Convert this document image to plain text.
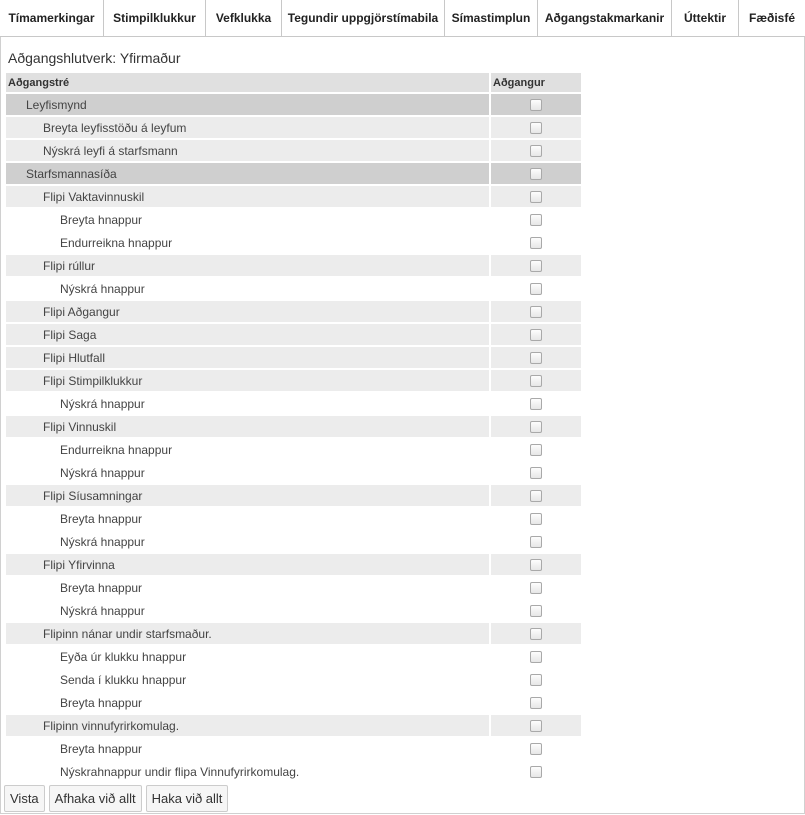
Tímamerkingar	Stimpilklukkur	Vefklukka	Tegundir uppgjörstímabila	Símastimplun	Aðgangstakmarkanir	Úttektir	Fæðisfé
Aðgangshlutverk: Yfirmaður
Aðgangstré	Aðgangur
Leyfismynd	
Breyta leyfisstöðu á leyfum	
Nýskrá leyfi á starfsmann	
Starfsmannasíða	
Flipi Vaktavinnuskil	
Breyta hnappur	
Endurreikna hnappur	
Flipi rúllur	
Nýskrá hnappur	
Flipi Aðgangur	
Flipi Saga	
Flipi Hlutfall	
Flipi Stimpilklukkur	
Nýskrá hnappur	
Flipi Vinnuskil	
Endurreikna hnappur	
Nýskrá hnappur	
Flipi Síusamningar	
Breyta hnappur	
Nýskrá hnappur	
Flipi Yfirvinna	
Breyta hnappur	
Nýskrá hnappur	
Flipinn nánar undir starfsmaður.	
Eyða úr klukku hnappur	
Senda í klukku hnappur	
Breyta hnappur	
Flipinn vinnufyrirkomulag.	
Breyta hnappur	
Nýskrahnappur undir flipa Vinnufyrirkomulag.	
Vista	Afhaka við allt	Haka við allt
